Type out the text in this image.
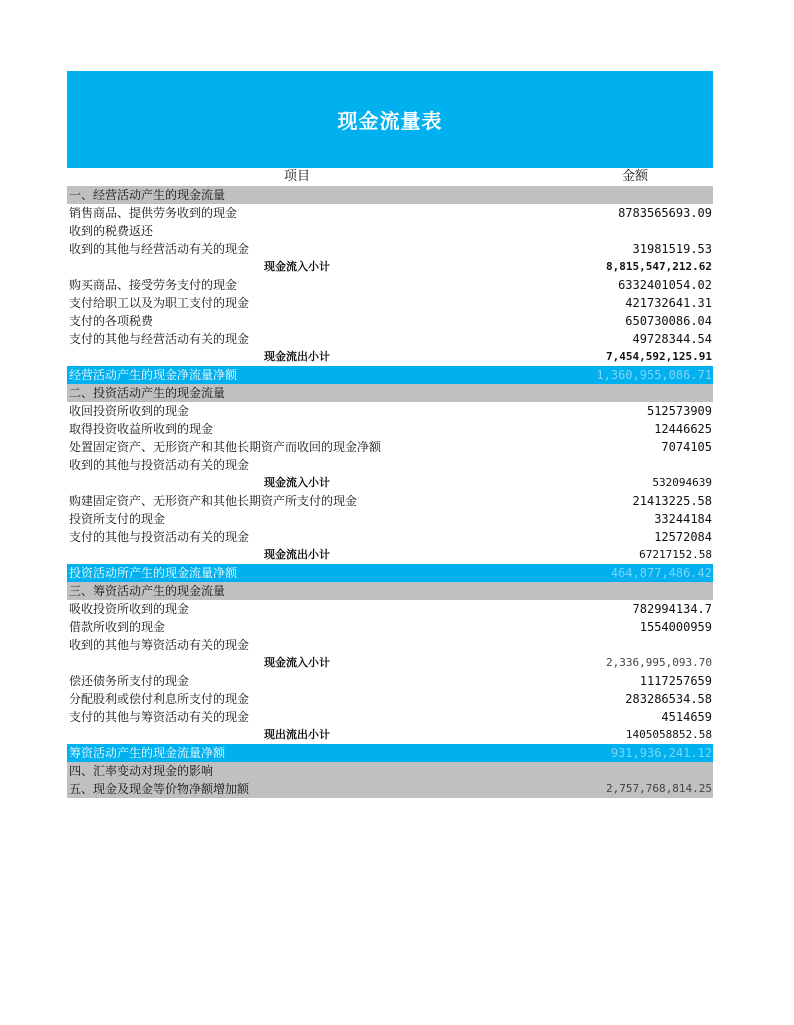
现金流量表
项目	金额
一、经营活动产生的现金流量
销售商品、提供劳务收到的现金	8783565693.09
收到的税费返还
收到的其他与经营活动有关的现金	31981519.53
现金流入小计	8,815,547,212.62
购买商品、接受劳务支付的现金	6332401054.02
支付给职工以及为职工支付的现金	421732641.31
支付的各项税费	650730086.04
支付的其他与经营活动有关的现金	49728344.54
现金流出小计	7,454,592,125.91
经营活动产生的现金净流量净额	1,360,955,086.71
二、投资活动产生的现金流量
收回投资所收到的现金	512573909
取得投资收益所收到的现金	12446625
处置固定资产、无形资产和其他长期资产而收回的现金净额	7074105
收到的其他与投资活动有关的现金
现金流入小计	532094639
购建固定资产、无形资产和其他长期资产所支付的现金	21413225.58
投资所支付的现金	33244184
支付的其他与投资活动有关的现金	12572084
现金流出小计	67217152.58
投资活动所产生的现金流量净额	464,877,486.42
三、筹资活动产生的现金流量
吸收投资所收到的现金	782994134.7
借款所收到的现金	1554000959
收到的其他与筹资活动有关的现金
现金流入小计	2,336,995,093.70
偿还债务所支付的现金	1117257659
分配股利或偿付利息所支付的现金	283286534.58
支付的其他与筹资活动有关的现金	4514659
现出流出小计	1405058852.58
筹资活动产生的现金流量净额	931,936,241.12
四、汇率变动对现金的影响
五、现金及现金等价物净额增加额	2,757,768,814.25
